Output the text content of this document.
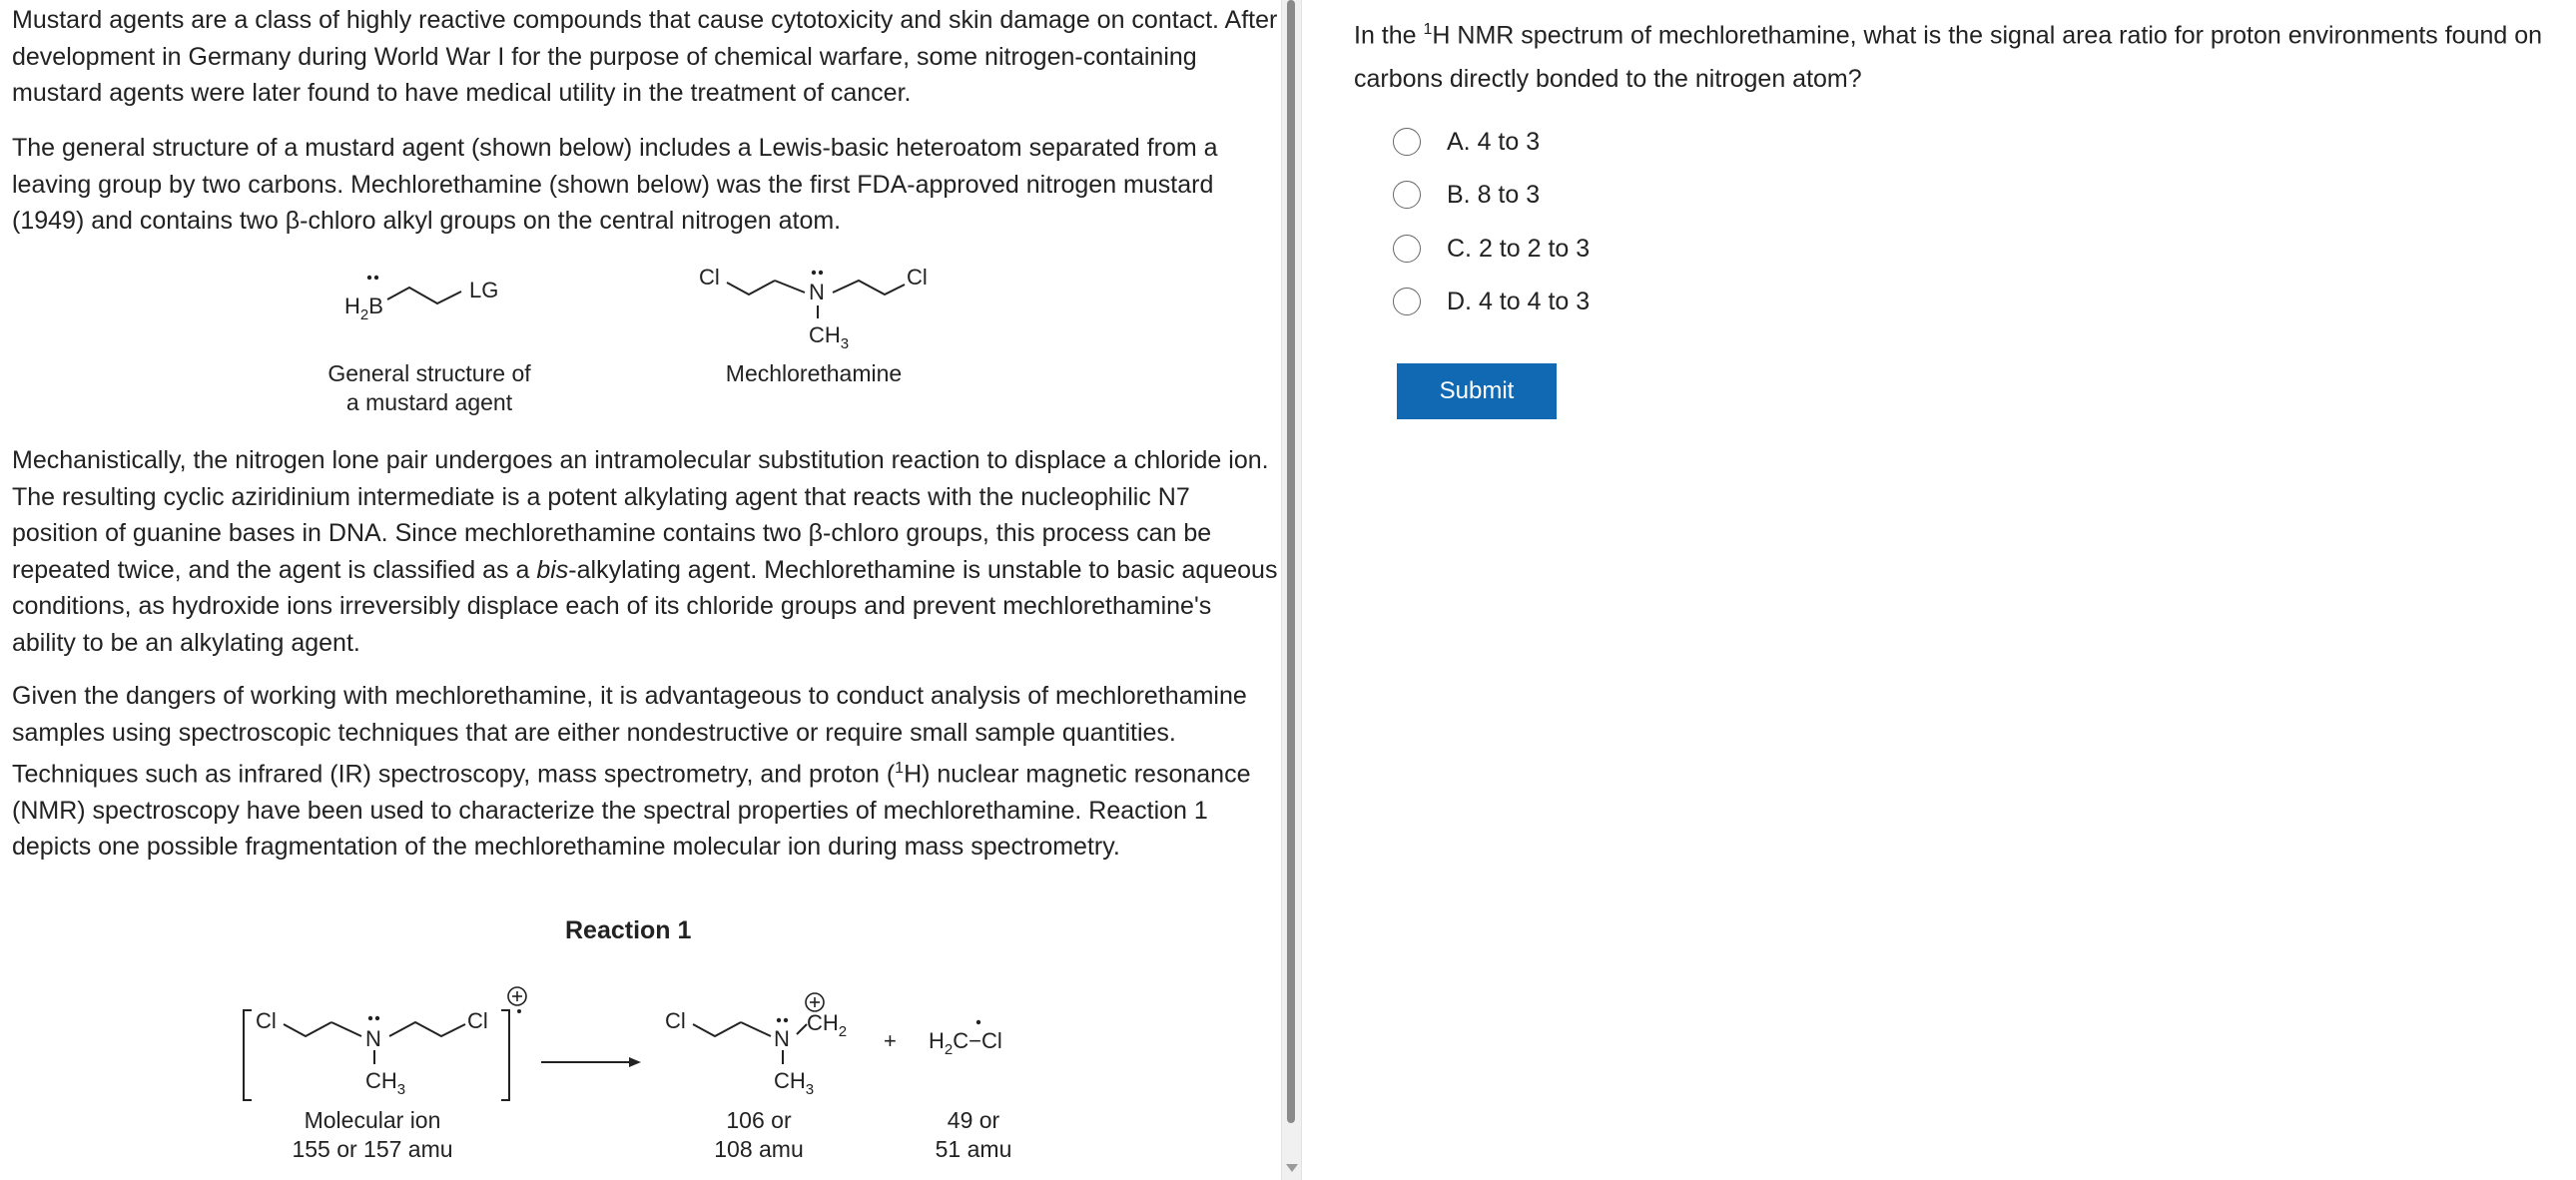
Mustard agents are a class of highly reactive compounds that cause cytotoxicity and skin damage on contact. After development in Germany during World War I for the purpose of chemical warfare, some nitrogen-containing mustard agents were later found to have medical utility in the treatment of cancer.

The general structure of a mustard agent (shown below) includes a Lewis-basic heteroatom separated from a leaving group by two carbons. Mechlorethamine (shown below) was the first FDA-approved nitrogen mustard (1949) and contains two β-chloro alkyl groups on the central nitrogen atom.

$H_2B$
LG
General structure of
a mustard agent
Cl
N
Cl
$CH_3$
Mechlorethamine

Mechanistically, the nitrogen lone pair undergoes an intramolecular substitution reaction to displace a chloride ion. The resulting cyclic aziridinium intermediate is a potent alkylating agent that reacts with the nucleophilic N7 position of guanine bases in DNA. Since mechlorethamine contains two β-chloro groups, this process can be repeated twice, and the agent is classified as a bis-alkylating agent. Mechlorethamine is unstable to basic aqueous conditions, as hydroxide ions irreversibly displace each of its chloride groups and prevent mechlorethamine's ability to be an alkylating agent.

Given the dangers of working with mechlorethamine, it is advantageous to conduct analysis of mechlorethamine samples using spectroscopic techniques that are either nondestructive or require small sample quantities. Techniques such as infrared (IR) spectroscopy, mass spectrometry, and proton ($^1$H) nuclear magnetic resonance (NMR) spectroscopy have been used to characterize the spectral properties of mechlorethamine. Reaction 1 depicts one possible fragmentation of the mechlorethamine molecular ion during mass spectrometry.

Reaction 1
Cl
N
Cl
$CH_3$
Cl
N
$CH_2$
$CH_3$
+ $H_2C-Cl$
Molecular ion
155 or 157 amu
106 or
108 amu
49 or
51 amu

In the $^1$H NMR spectrum of mechlorethamine, what is the signal area ratio for proton environments found on carbons directly bonded to the nitrogen atom?

A. 4 to 3
B. 8 to 3
C. 2 to 2 to 3
D. 4 to 4 to 3
Submit
